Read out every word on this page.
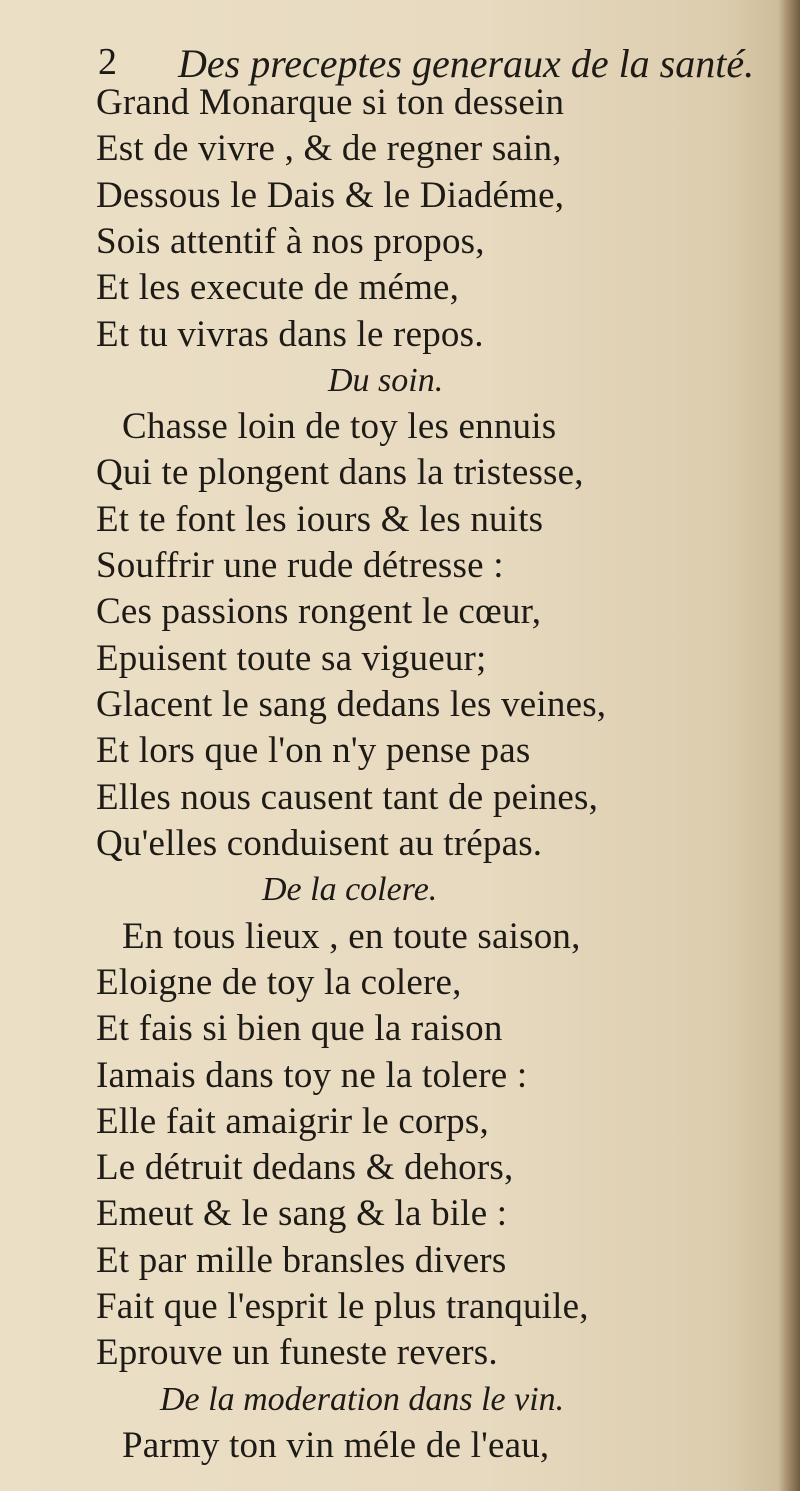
2 Des preceptes generaux de la santé.
Grand Monarque si ton dessein
Est de vivre , & de regner sain,
Dessous le Dais & le Diadéme,
Sois attentif à nos propos,
Et les execute de méme,
Et tu vivras dans le repos.
Du soin.
Chasse loin de toy les ennuis
Qui te plongent dans la tristesse,
Et te font les iours & les nuits
Souffrir une rude détresse :
Ces passions rongent le cœur,
Epuisent toute sa vigueur;
Glacent le sang dedans les veines,
Et lors que l'on n'y pense pas
Elles nous causent tant de peines,
Qu'elles conduisent au trépas.
De la colere.
En tous lieux , en toute saison,
Eloigne de toy la colere,
Et fais si bien que la raison
Iamais dans toy ne la tolere :
Elle fait amaigrir le corps,
Le détruit dedans & dehors,
Emeut & le sang & la bile :
Et par mille bransles divers
Fait que l'esprit le plus tranquile,
Eprouve un funeste revers.
De la moderation dans le vin.
Parmy ton vin méle de l'eau,
